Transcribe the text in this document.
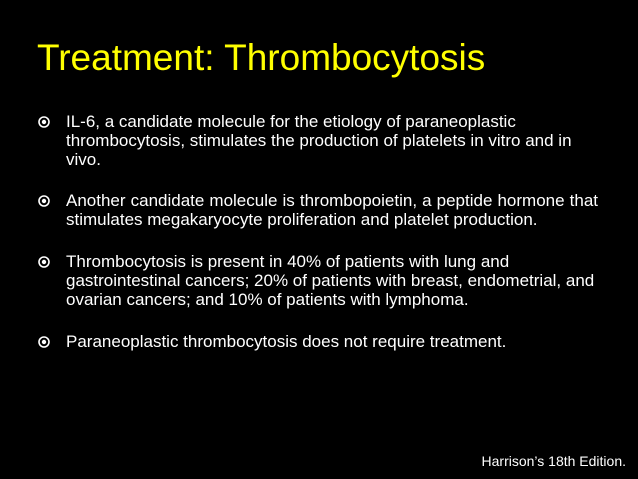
Treatment: Thrombocytosis
IL-6, a candidate molecule for the etiology of paraneoplastic thrombocytosis, stimulates the production of platelets in vitro and in vivo.
Another candidate molecule is thrombopoietin, a peptide hormone that stimulates megakaryocyte proliferation and platelet production.
Thrombocytosis is present in 40% of patients with lung and gastrointestinal cancers; 20% of patients with breast, endometrial, and ovarian cancers; and 10% of patients with lymphoma.
Paraneoplastic thrombocytosis does not require treatment.
Harrison’s 18th Edition.
